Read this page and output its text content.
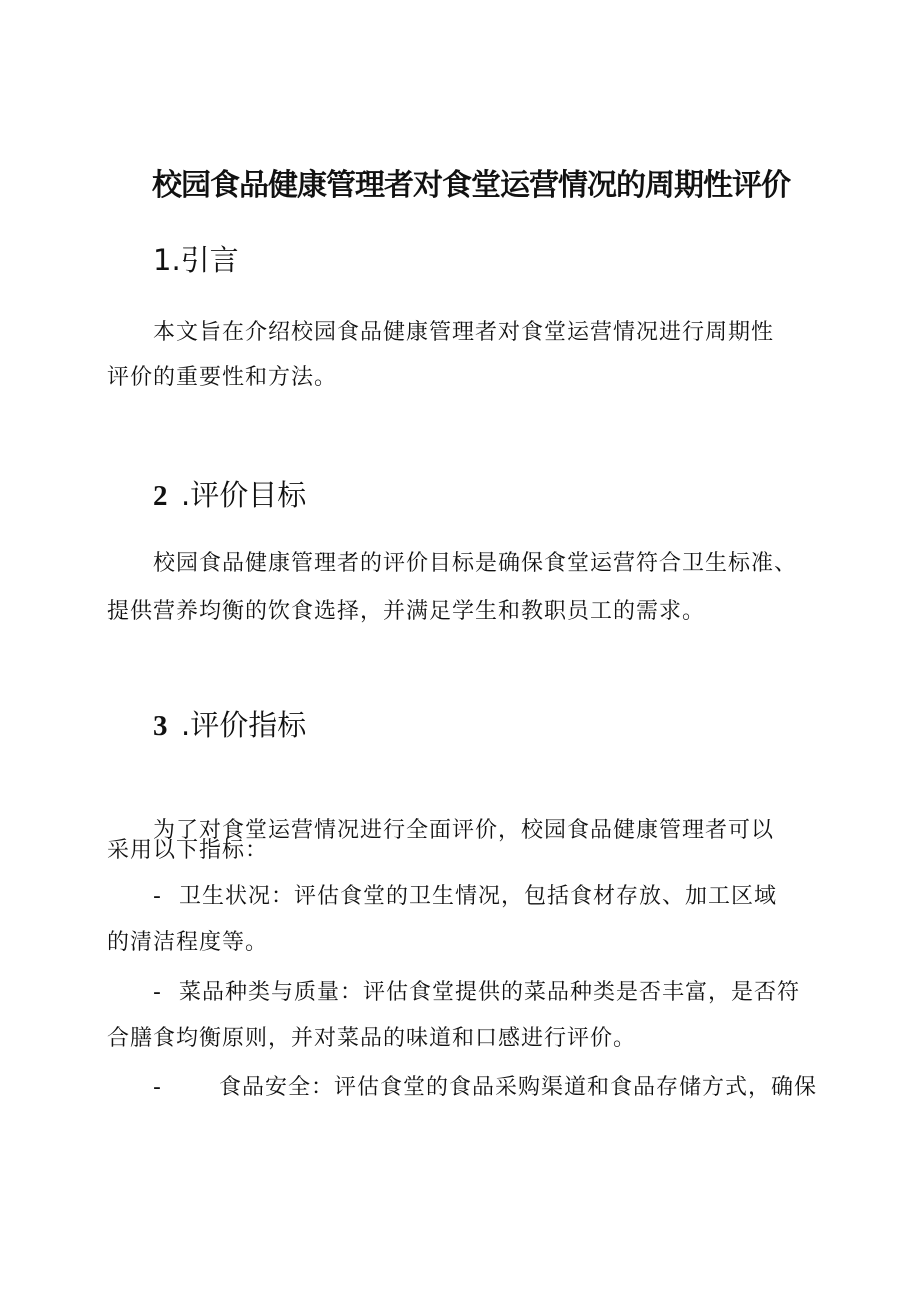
校园食品健康管理者对食堂运营情况的周期性评价
1.引言

本文旨在介绍校园食品健康管理者对食堂运营情况进行周期性

评价的重要性和方法。

2 .评价目标

校园食品健康管理者的评价目标是确保食堂运营符合卫生标准、

提供营养均衡的饮食选择，并满足学生和教职员工的需求。

3 .评价指标

为了对食堂运营情况进行全面评价，校园食品健康管理者可以

采用以下指标：

- 卫生状况：评估食堂的卫生情况，包括食材存放、加工区域

的清洁程度等。

- 菜品种类与质量：评估食堂提供的菜品种类是否丰富，是否符

合膳食均衡原则，并对菜品的味道和口感进行评价。

-	食品安全：评估食堂的食品采购渠道和食品存储方式，确保
